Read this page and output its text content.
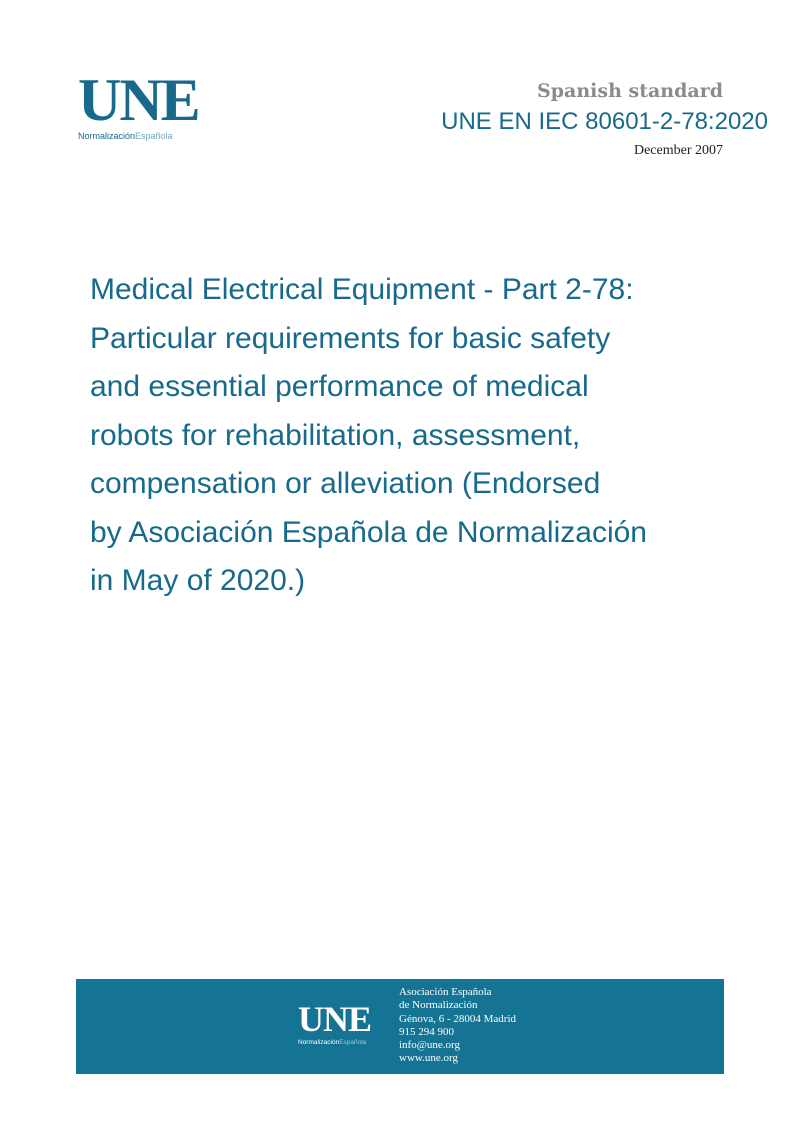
UNE
NormalizaciónEspañola
Spanish standard
UNE EN IEC 80601-2-78:2020
December 2007
Medical Electrical Equipment - Part 2-78:
Particular requirements for basic safety
and essential performance of medical
robots for rehabilitation, assessment,
compensation or alleviation (Endorsed
by Asociación Española de Normalización
in May of 2020.)
UNE
NormalizaciónEspañola
Asociación Española
de Normalización
Génova, 6 - 28004 Madrid
915 294 900
info@une.org
www.une.org
